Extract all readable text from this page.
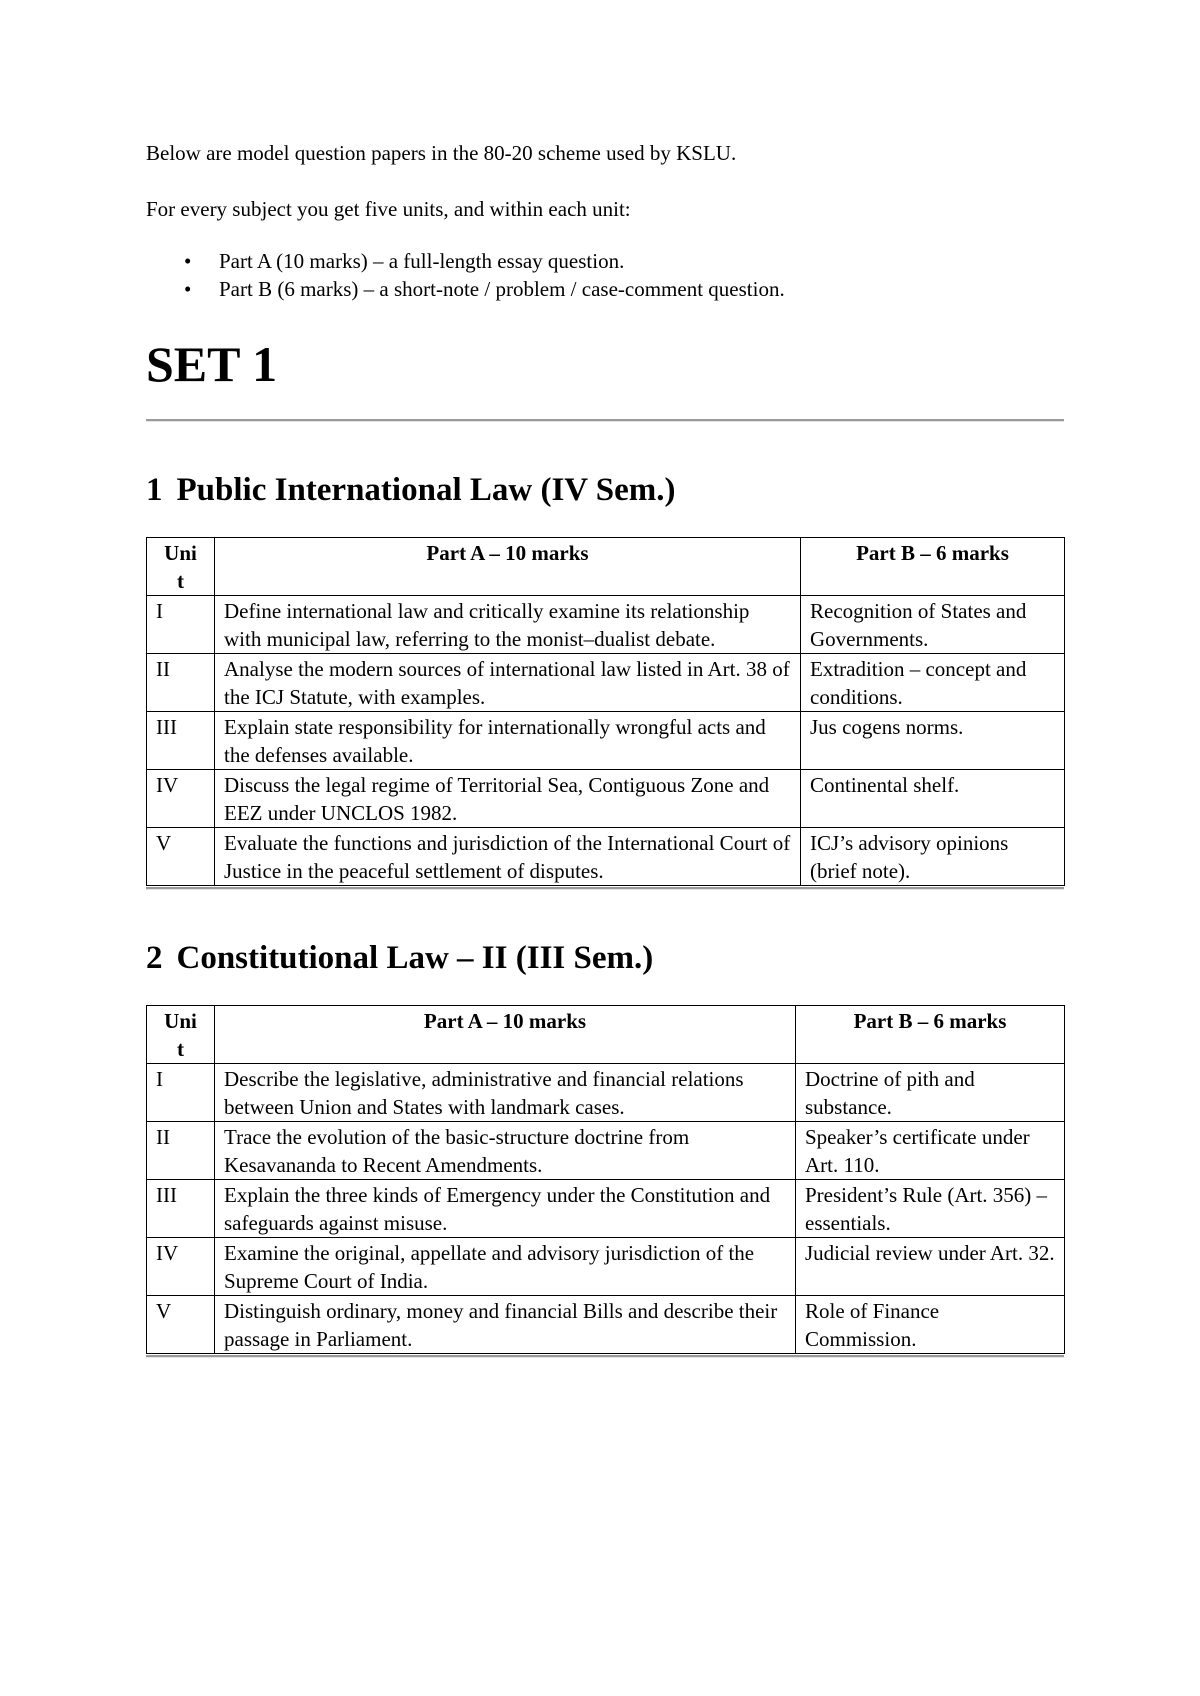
Below are model question papers in the 80-20 scheme used by KSLU.

For every subject you get five units, and within each unit:

• Part A (10 marks) – a full-length essay question.
• Part B (6 marks) – a short-note / problem / case-comment question.
SET 1
1 Public International Law (IV Sem.)
Unit	Part A – 10 marks	Part B – 6 marks
I	Define international law and critically examine its relationship with municipal law, referring to the monist–dualist debate.	Recognition of States and Governments.
II	Analyse the modern sources of international law listed in Art. 38 of the ICJ Statute, with examples.	Extradition – concept and conditions.
III	Explain state responsibility for internationally wrongful acts and the defenses available.	Jus cogens norms.
IV	Discuss the legal regime of Territorial Sea, Contiguous Zone and EEZ under UNCLOS 1982.	Continental shelf.
V	Evaluate the functions and jurisdiction of the International Court of Justice in the peaceful settlement of disputes.	ICJ’s advisory opinions (brief note).
2 Constitutional Law – II (III Sem.)
Unit	Part A – 10 marks	Part B – 6 marks
I	Describe the legislative, administrative and financial relations between Union and States with landmark cases.	Doctrine of pith and substance.
II	Trace the evolution of the basic-structure doctrine from Kesavananda to Recent Amendments.	Speaker’s certificate under Art. 110.
III	Explain the three kinds of Emergency under the Constitution and safeguards against misuse.	President’s Rule (Art. 356) – essentials.
IV	Examine the original, appellate and advisory jurisdiction of the Supreme Court of India.	Judicial review under Art. 32.
V	Distinguish ordinary, money and financial Bills and describe their passage in Parliament.	Role of Finance Commission.
